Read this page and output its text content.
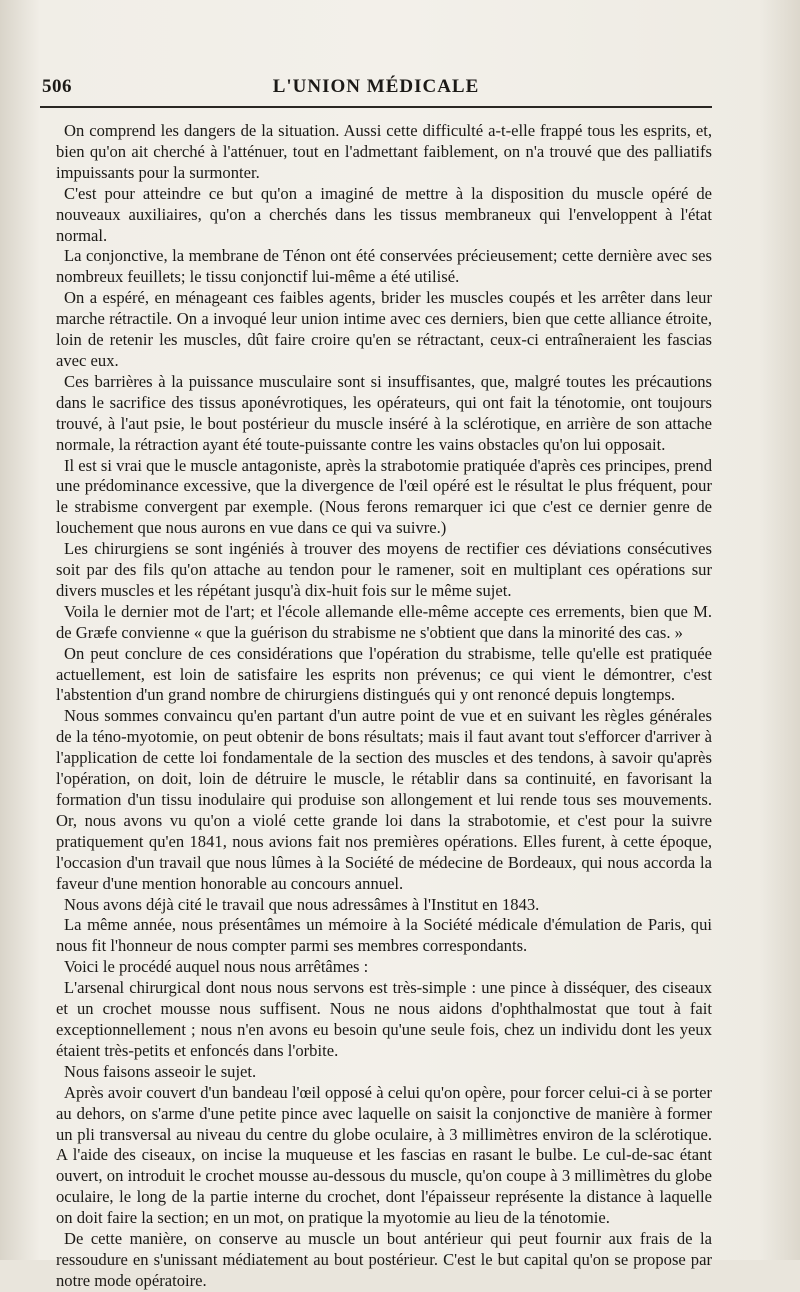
506	L'UNION MÉDICALE

On comprend les dangers de la situation. Aussi cette difficulté a-t-elle frappé tous les esprits, et, bien qu'on ait cherché à l'atténuer, tout en l'admettant faiblement, on n'a trouvé que des palliatifs impuissants pour la surmonter.

C'est pour atteindre ce but qu'on a imaginé de mettre à la disposition du muscle opéré de nouveaux auxiliaires, qu'on a cherchés dans les tissus membraneux qui l'enveloppent à l'état normal.

La conjonctive, la membrane de Ténon ont été conservées précieusement; cette dernière avec ses nombreux feuillets; le tissu conjonctif lui-même a été utilisé.

On a espéré, en ménageant ces faibles agents, brider les muscles coupés et les arrêter dans leur marche rétractile. On a invoqué leur union intime avec ces derniers, bien que cette alliance étroite, loin de retenir les muscles, dût faire croire qu'en se rétractant, ceux-ci entraîneraient les fascias avec eux.

Ces barrières à la puissance musculaire sont si insuffisantes, que, malgré toutes les précautions dans le sacrifice des tissus aponévrotiques, les opérateurs, qui ont fait la ténotomie, ont toujours trouvé, à l'aut psie, le bout postérieur du muscle inséré à la sclérotique, en arrière de son attache normale, la rétraction ayant été toute-puissante contre les vains obstacles qu'on lui opposait.

Il est si vrai que le muscle antagoniste, après la strabotomie pratiquée d'après ces principes, prend une prédominance excessive, que la divergence de l'œil opéré est le résultat le plus fréquent, pour le strabisme convergent par exemple. (Nous ferons remarquer ici que c'est ce dernier genre de louchement que nous aurons en vue dans ce qui va suivre.)

Les chirurgiens se sont ingéniés à trouver des moyens de rectifier ces déviations consécutives soit par des fils qu'on attache au tendon pour le ramener, soit en multiplant ces opérations sur divers muscles et les répétant jusqu'à dix-huit fois sur le même sujet.

Voila le dernier mot de l'art; et l'école allemande elle-même accepte ces errements, bien que M. de Græfe convienne « que la guérison du strabisme ne s'obtient que dans la minorité des cas. »

On peut conclure de ces considérations que l'opération du strabisme, telle qu'elle est pratiquée actuellement, est loin de satisfaire les esprits non prévenus; ce qui vient le démontrer, c'est l'abstention d'un grand nombre de chirurgiens distingués qui y ont renoncé depuis longtemps.

Nous sommes convaincu qu'en partant d'un autre point de vue et en suivant les règles générales de la téno-myotomie, on peut obtenir de bons résultats; mais il faut avant tout s'efforcer d'arriver à l'application de cette loi fondamentale de la section des muscles et des tendons, à savoir qu'après l'opération, on doit, loin de détruire le muscle, le rétablir dans sa continuité, en favorisant la formation d'un tissu inodulaire qui produise son allongement et lui rende tous ses mouvements. Or, nous avons vu qu'on a violé cette grande loi dans la strabotomie, et c'est pour la suivre pratiquement qu'en 1841, nous avions fait nos premières opérations. Elles furent, à cette époque, l'occasion d'un travail que nous lûmes à la Société de médecine de Bordeaux, qui nous accorda la faveur d'une mention honorable au concours annuel.

Nous avons déjà cité le travail que nous adressâmes à l'Institut en 1843.

La même année, nous présentâmes un mémoire à la Société médicale d'émulation de Paris, qui nous fit l'honneur de nous compter parmi ses membres correspondants.

Voici le procédé auquel nous nous arrêtâmes :

L'arsenal chirurgical dont nous nous servons est très-simple : une pince à disséquer, des ciseaux et un crochet mousse nous suffisent. Nous ne nous aidons d'ophthalmostat que tout à fait exceptionnellement ; nous n'en avons eu besoin qu'une seule fois, chez un individu dont les yeux étaient très-petits et enfoncés dans l'orbite.

Nous faisons asseoir le sujet.

Après avoir couvert d'un bandeau l'œil opposé à celui qu'on opère, pour forcer celui-ci à se porter au dehors, on s'arme d'une petite pince avec laquelle on saisit la conjonctive de manière à former un pli transversal au niveau du centre du globe oculaire, à 3 millimètres environ de la sclérotique. A l'aide des ciseaux, on incise la muqueuse et les fascias en rasant le bulbe. Le cul-de-sac étant ouvert, on introduit le crochet mousse au-dessous du muscle, qu'on coupe à 3 millimètres du globe oculaire, le long de la partie interne du crochet, dont l'épaisseur représente la distance à laquelle on doit faire la section; en un mot, on pratique la myotomie au lieu de la ténotomie.

De cette manière, on conserve au muscle un bout antérieur qui peut fournir aux frais de la ressoudure en s'unissant médiatement au bout postérieur. C'est le but capital qu'on se propose par notre mode opératoire.
